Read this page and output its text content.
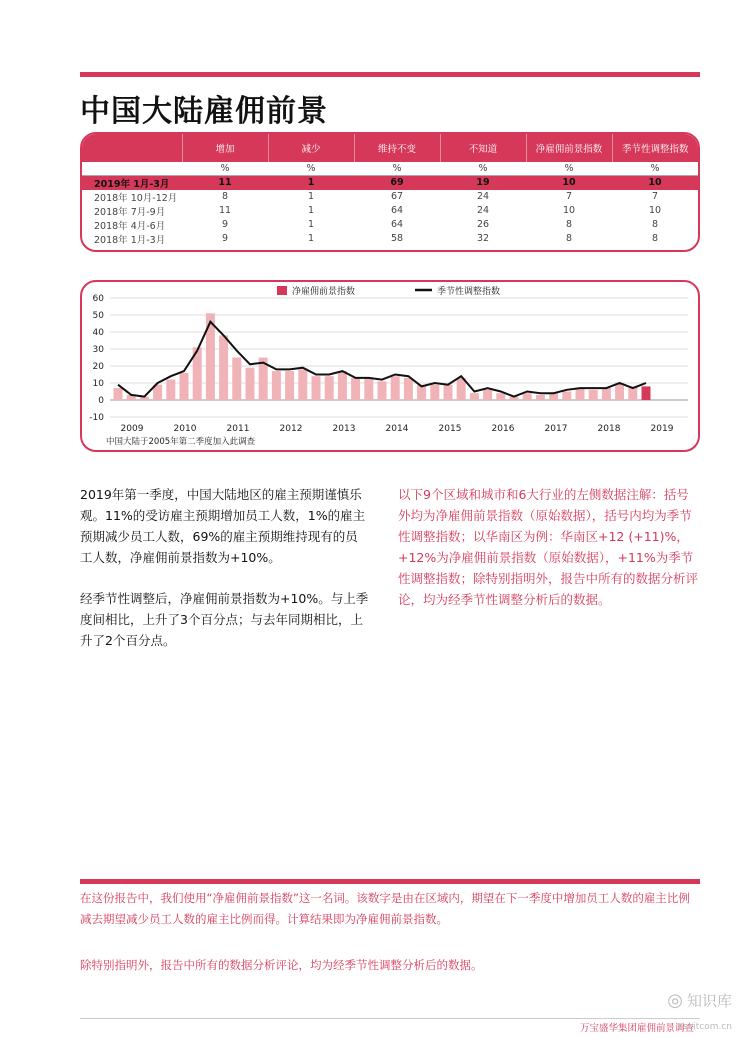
中国大陆雇佣前景
	增加	减少	维持不变	不知道	净雇佣前景指数	季节性调整指数
	%	%	%	%	%	%
2019年 1月-3月	11	1	69	19	10	10
2018年 10月-12月	8	1	67	24	7	7
2018年 7月-9月	11	1	64	24	10	10
2018年 4月-6月	9	1	64	26	8	8
2018年 1月-3月	9	1	58	32	8	8
净雇佣前景指数	季节性调整指数
60
50
40
30
20
10
0
-10
2009	2010	2011	2012	2013	2014	2015	2016	2017	2018	2019
中国大陆于2005年第二季度加入此调查

2019年第一季度，中国大陆地区的雇主预期谨慎乐观。11%的受访雇主预期增加员工人数，1%的雇主预期减少员工人数，69%的雇主预期维持现有的员工人数，净雇佣前景指数为+10%。

经季节性调整后，净雇佣前景指数为+10%。与上季度间相比，上升了3个百分点；与去年同期相比，上升了2个百分点。

以下9个区域和城市和6大行业的左侧数据注解：括号外均为净雇佣前景指数（原始数据），括号内均为季节性调整指数；以华南区为例：华南区+12 (+11)%，+12%为净雇佣前景指数（原始数据），+11%为季节性调整指数；除特别指明外，报告中所有的数据分析评论，均为经季节性调整分析后的数据。

在这份报告中，我们使用“净雇佣前景指数”这一名词。该数字是由在区域内，期望在下一季度中增加员工人数的雇主比例减去期望减少员工人数的雇主比例而得。计算结果即为净雇佣前景指数。

除特别指明外，报告中所有的数据分析评论，均为经季节性调整分析后的数据。

万宝盛华集团雇佣前景调查
◎ 知识库
sseitcom.cn
